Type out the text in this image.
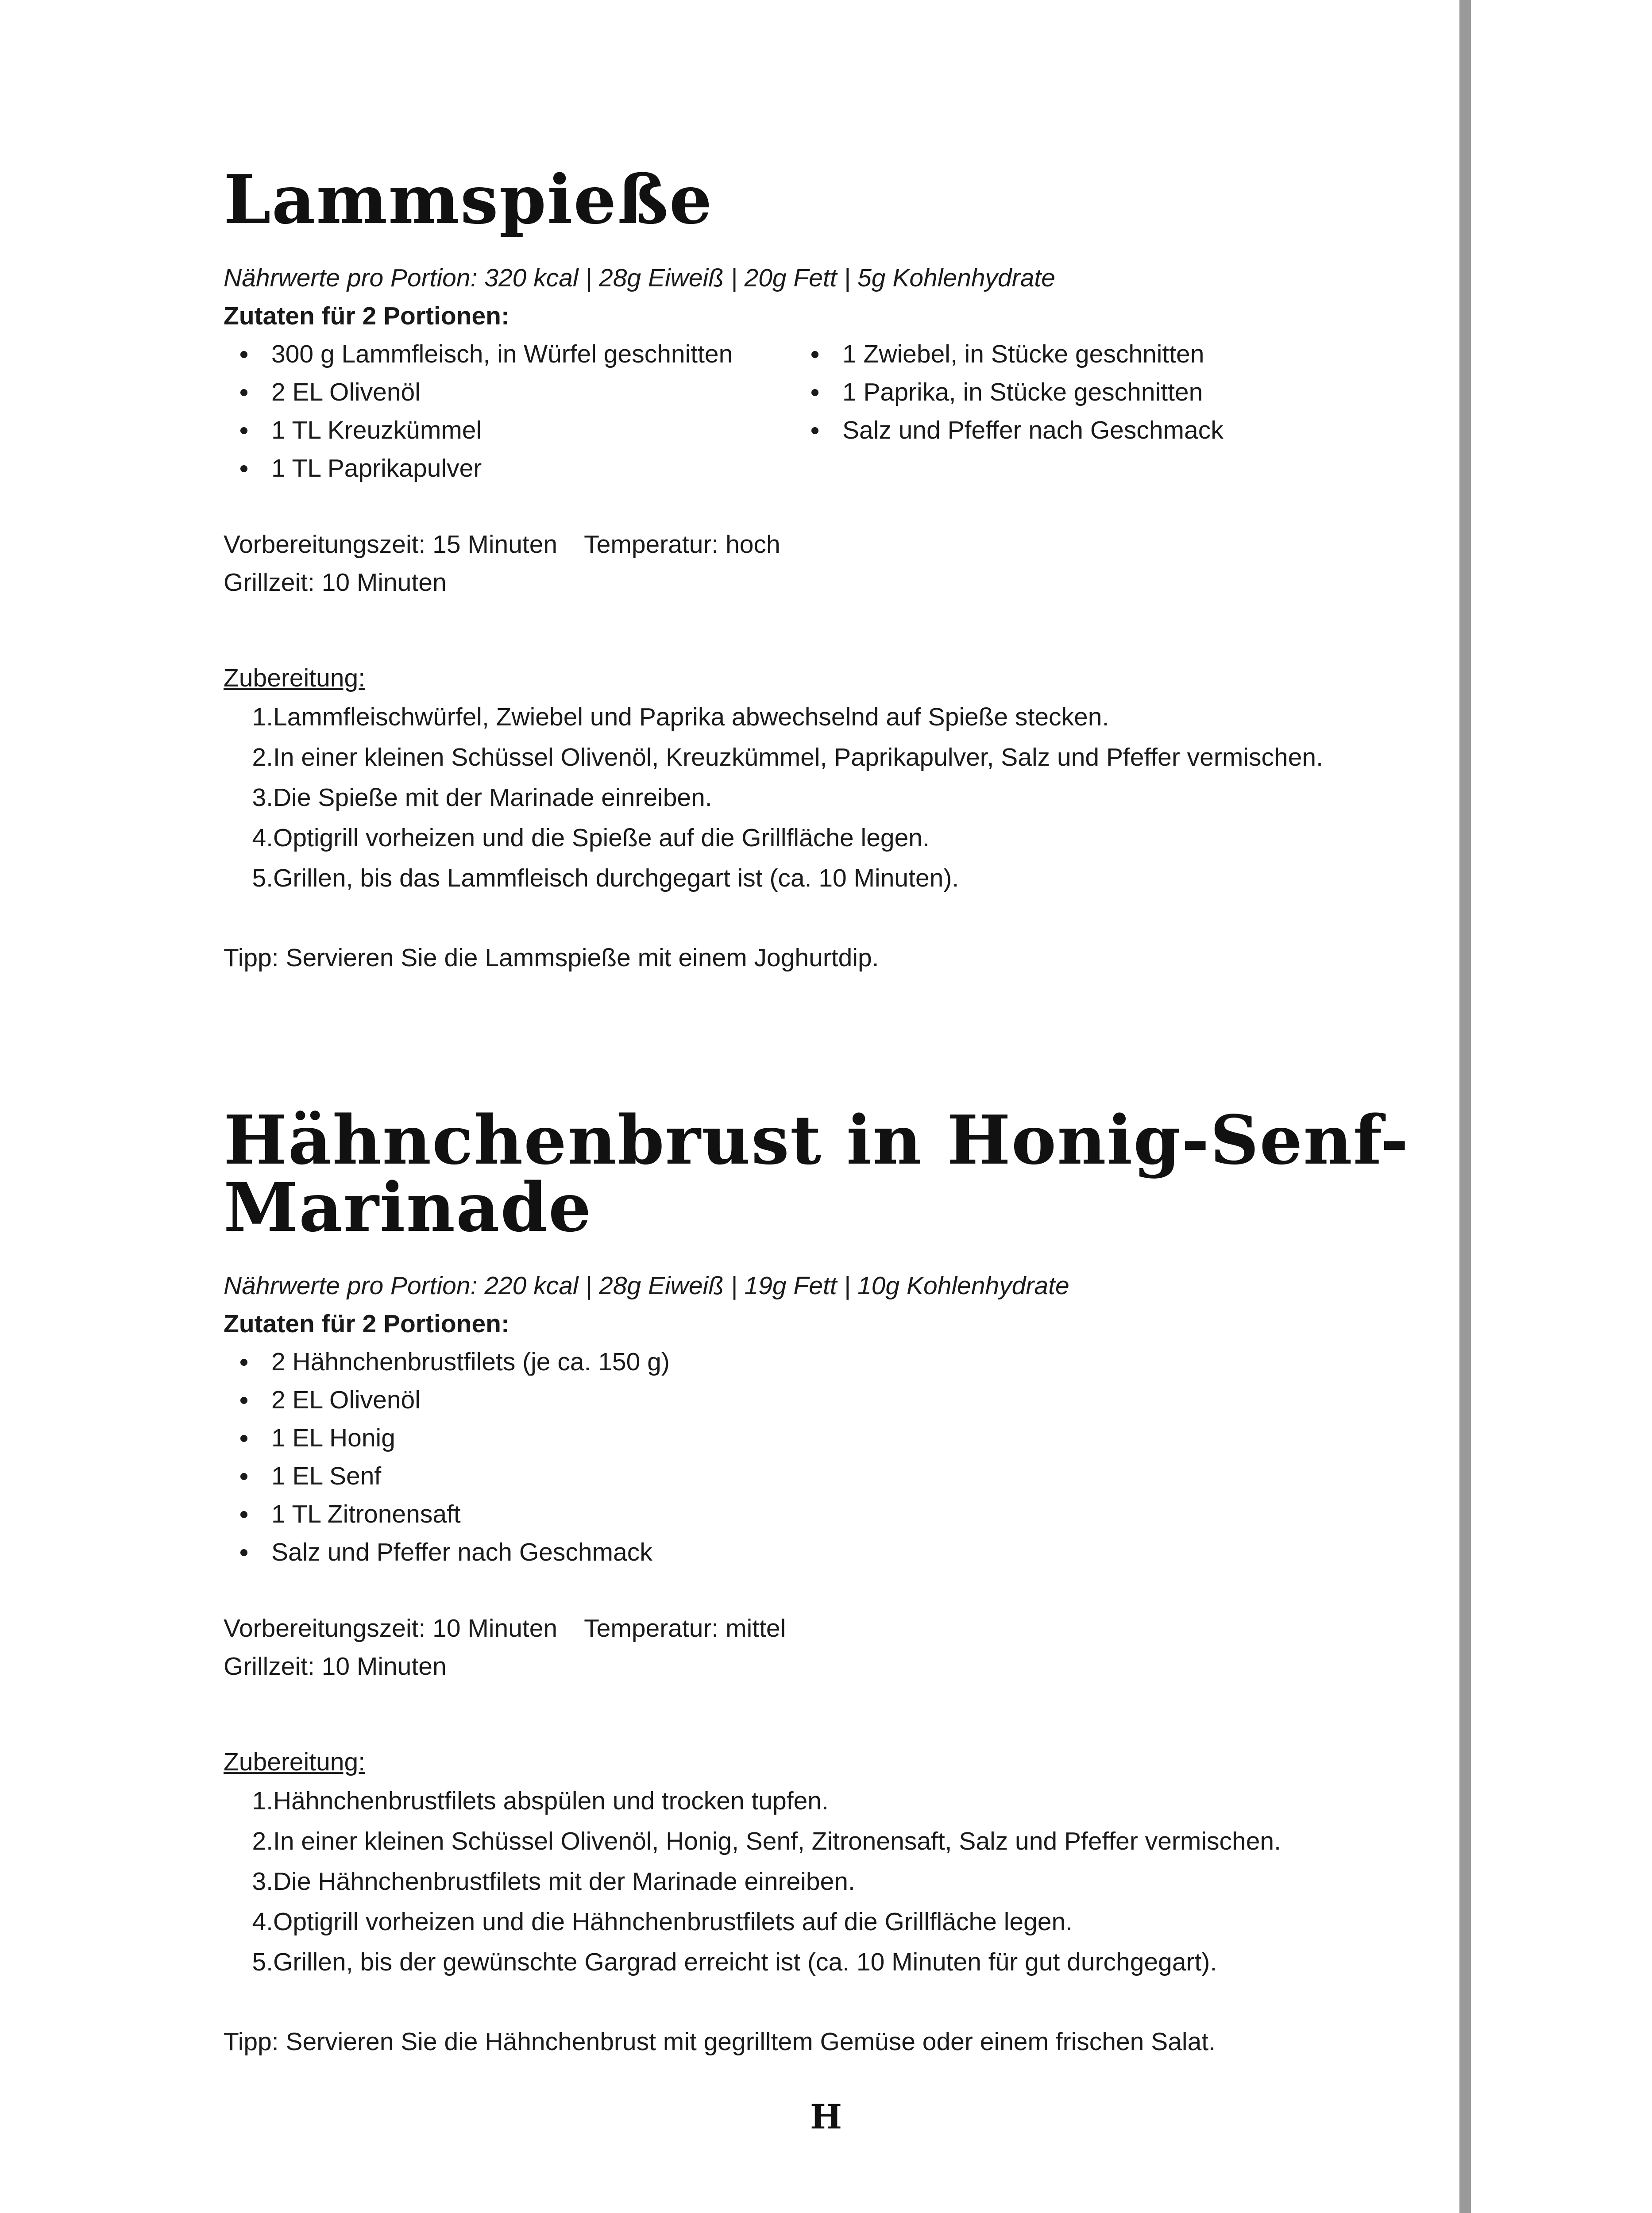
Lammspieße
Nährwerte pro Portion: 320 kcal | 28g Eiweiß | 20g Fett | 5g Kohlenhydrate
Zutaten für 2 Portionen:
300 g Lammfleisch, in Würfel geschnitten
2 EL Olivenöl
1 TL Kreuzkümmel
1 TL Paprikapulver
1 Zwiebel, in Stücke geschnitten
1 Paprika, in Stücke geschnitten
Salz und Pfeffer nach Geschmack
Vorbereitungszeit: 15 Minuten Temperatur: hoch
Grillzeit: 10 Minuten
Zubereitung:
1. Lammfleischwürfel, Zwiebel und Paprika abwechselnd auf Spieße stecken.
2. In einer kleinen Schüssel Olivenöl, Kreuzkümmel, Paprikapulver, Salz und Pfeffer vermischen.
3. Die Spieße mit der Marinade einreiben.
4. Optigrill vorheizen und die Spieße auf die Grillfläche legen.
5. Grillen, bis das Lammfleisch durchgegart ist (ca. 10 Minuten).
Tipp: Servieren Sie die Lammspieße mit einem Joghurtdip.
Hähnchenbrust in Honig-Senf-Marinade
Nährwerte pro Portion: 220 kcal | 28g Eiweiß | 19g Fett | 10g Kohlenhydrate
Zutaten für 2 Portionen:
2 Hähnchenbrustfilets (je ca. 150 g)
2 EL Olivenöl
1 EL Honig
1 EL Senf
1 TL Zitronensaft
Salz und Pfeffer nach Geschmack
Vorbereitungszeit: 10 Minuten Temperatur: mittel
Grillzeit: 10 Minuten
Zubereitung:
1. Hähnchenbrustfilets abspülen und trocken tupfen.
2. In einer kleinen Schüssel Olivenöl, Honig, Senf, Zitronensaft, Salz und Pfeffer vermischen.
3. Die Hähnchenbrustfilets mit der Marinade einreiben.
4. Optigrill vorheizen und die Hähnchenbrustfilets auf die Grillfläche legen.
5. Grillen, bis der gewünschte Gargrad erreicht ist (ca. 10 Minuten für gut durchgegart).
Tipp: Servieren Sie die Hähnchenbrust mit gegrilltem Gemüse oder einem frischen Salat.
H
